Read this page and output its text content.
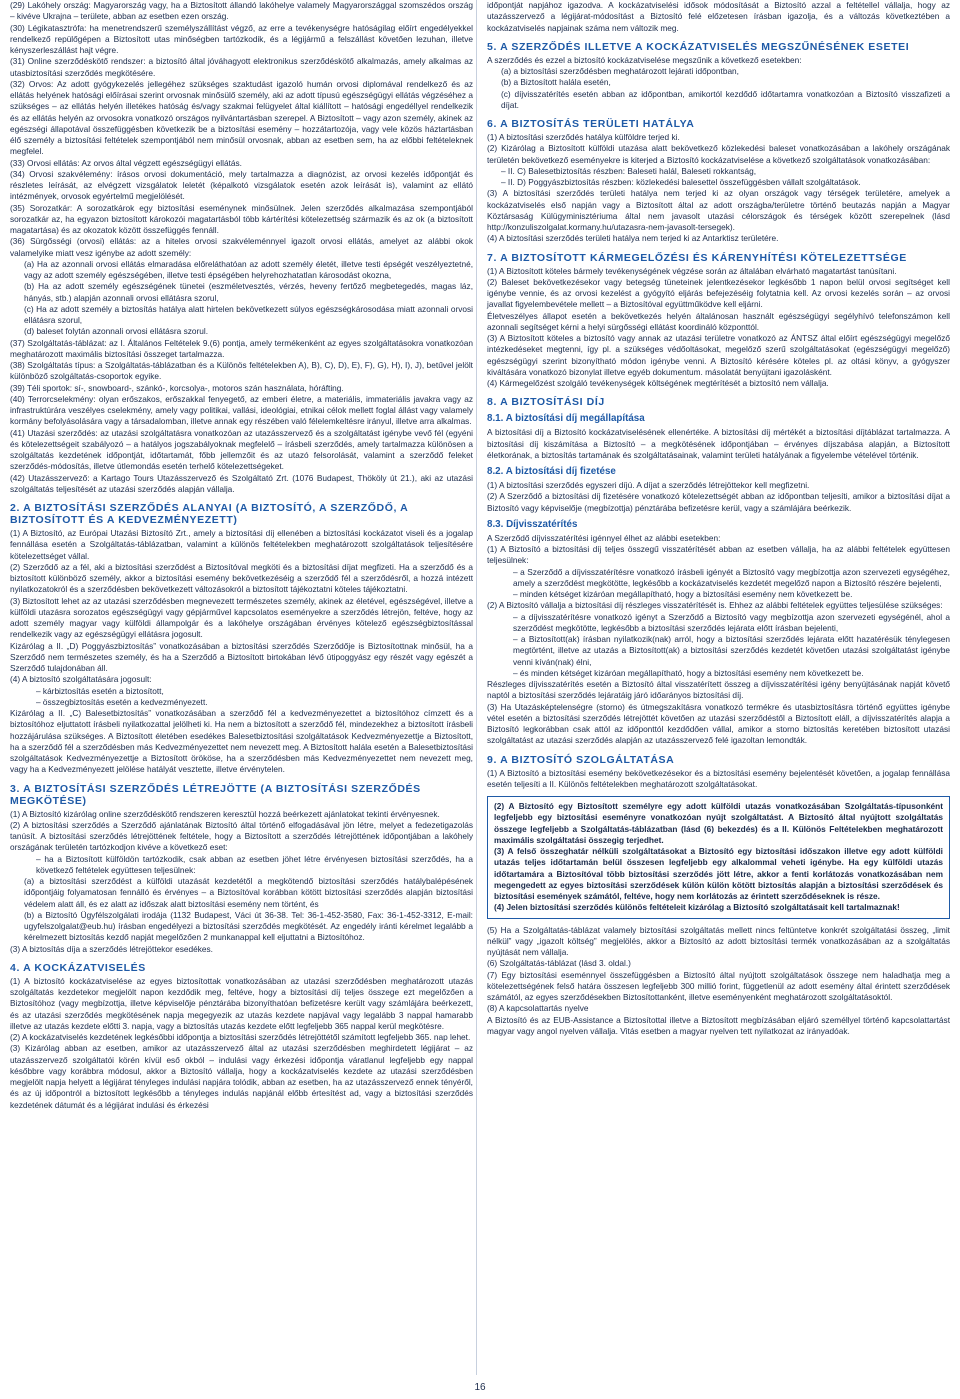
(29) Lakóhely ország: Magyarország vagy, ha a Biztosított állandó lakóhelye valamely Magyarországgal szomszédos ország – kivéve Ukrajna – területe, abban az esetben ezen ország.

(30) Légikatasztrófa: ha menetrendszerű személyszállítást végző, az erre a tevékenységre hatóságilag előírt engedélyekkel rendelkező repülőgépen a Biztosított utas minőségben tartózkodik, és a légijármű a felszállást követően lezuhan, illetve kényszerleszállást hajt végre.

(31) Online szerződéskötő rendszer: a biztosító által jóváhagyott elektronikus szerződéskötő alkalmazás, amely alkalmas az utasbiztosítási szerződés megkötésére.

(32) Orvos: Az adott gyógykezelés jellegéhez szükséges szaktudást igazoló humán orvosi diplomával rendelkező és az ellátás helyének hatósági előírásai szerint orvosnak minősülő személy, aki az adott típusú egészségügyi ellátás végzéséhez a szükséges – az ellátás helyén illetékes hatóság és/vagy szakmai felügyelet által kiállított – hatósági engedéllyel rendelkezik és az ellátás helyén az orvosokra vonatkozó országos nyilvántartásban szerepel. A Biztosított – vagy azon személy, akinek az egészségi állapotával összefüggésben következik be a biztosítási esemény – hozzátartozója, vagy vele közös háztartásban élő személy a biztosítási feltételek szempontjából nem minősül orvosnak, abban az esetben sem, ha az előbbi feltételeknek megfelel.

(33) Orvosi ellátás: Az orvos által végzett egészségügyi ellátás.

(34) Orvosi szakvélemény: írásos orvosi dokumentáció, mely tartalmazza a diagnózist, az orvosi kezelés időpontját és részletes leírását, az elvégzett vizsgálatok leletét (képalkotó vizsgálatok esetén azok leírását is), valamint az ellátó intézmények, orvosok egyértelmű megjelölését.

(35) Sorozatkár: A sorozatkárok egy biztosítási eseménynek minősülnek. Jelen szerződés alkalmazása szempontjából sorozatkár az, ha egyazon biztosított károkozói magatartásból több kártérítési kötelezettség származik és az ok (a biztosított magatartása) és az okozatok között összefüggés fennáll.

(36) Sürgősségi (orvosi) ellátás: az a hiteles orvosi szakvéleménnyel igazolt orvosi ellátás, amelyet az alábbi okok valamelyike miatt vesz igénybe az adott személy:

(a) Ha az azonnali orvosi ellátás elmaradása előreláthatóan az adott személy életét, illetve testi épségét veszélyeztetné, vagy az adott személy egészségében, illetve testi épségében helyrehozhatatlan károsodást okozna,

(b) Ha az adott személy egészségének tünetei (eszméletvesztés, vérzés, heveny fertőző megbetegedés, magas láz, hányás, stb.) alapján azonnali orvosi ellátásra szorul,

(c) Ha az adott személy a biztosítás hatálya alatt hirtelen bekövetkezett súlyos egészségkárosodása miatt azonnali orvosi ellátásra szorul,

(d) baleset folytán azonnali orvosi ellátásra szorul.

(37) Szolgáltatás-táblázat: az I. Általános Feltételek 9.(6) pontja, amely termékenként az egyes szolgáltatásokra vonatkozóan meghatározott maximális biztosítási összeget tartalmazza.

(38) Szolgáltatás típus: a Szolgáltatás-táblázatban és a Különös feltételekben A), B), C), D), E), F), G), H), I), J), betűvel jelölt különböző szolgáltatás-csoportok egyike.

(39) Téli sportok: sí-, snowboard-, szánkó-, korcsolya-, motoros szán használata, hóráfting.

(40) Terrorcselekmény: olyan erőszakos, erőszakkal fenyegető, az emberi életre, a materiális, immateriális javakra vagy az infrastruktúrára veszélyes cselekmény, amely vagy politikai, vallási, ideológiai, etnikai célok mellett foglal állást vagy valamely kormány befolyásolására vagy a társadalomban, illetve annak egy részében való félelemkeltésre irányul, illetve arra alkalmas.

(41) Utazási szerződés: az utazási szolgáltatásra vonatkozóan az utazásszervező és a szolgáltatást igénybe vevő fél (egyéni és kötelezettségeit szabályozó – a hatályos jogszabályoknak megfelelő – írásbeli szerződés, amely tartalmazza különösen a szolgáltatás kezdetének időpontját, időtartamát, főbb jellemzőit és az utazó felsorolását, valamint a szerződő feleket szerződés-módosítás, illetve útlemondás esetén terhelő kötelezettségeket.

(42) Utazásszervező: a Kartago Tours Utazásszervező és Szolgáltató Zrt. (1076 Budapest, Thököly út 21.), aki az utazási szolgáltatás teljesítését az utazási szerződés alapján vállalja.

2. A BIZTOSÍTÁSI SZERZŐDÉS ALANYAI (A BIZTOSÍTÓ, A SZERZŐDŐ, A BIZTOSÍTOTT ÉS A KEDVEZMÉNYEZETT)

(1) A Biztosító, az Európai Utazási Biztosító Zrt., amely a biztosítási díj ellenében a biztosítási kockázatot viseli és a jogalap fennállása esetén a Szolgáltatás-táblázatban, valamint a különös feltételekben meghatározott szolgáltatások teljesítésére kötelezettséget vállal.

(2) Szerződő az a fél, aki a biztosítási szerződést a Biztosítóval megköti és a biztosítási díjat megfizeti. Ha a szerződő és a biztosított különböző személy, akkor a biztosítási esemény bekövetkezéséig a szerződő fél a szerződésről, a hozzá intézett nyilatkozatokról és a szerződésben bekövetkezett változásokról a biztosított tájékoztatni köteles tájékoztatni.

(3) Biztosított lehet az az utazási szerződésben megnevezett természetes személy, akinek az életével, egészségével, illetve a külföldi utazásra sorozatos egészségügyi vagy gépjárművel kapcsolatos eseményekre a szerződés létrejön, feltéve, hogy az adott személy magyar vagy külföldi állampolgár és a lakóhelye országában érvényes kötelező egészségbiztosítással rendelkezik vagy az egészségügyi ellátásra jogosult.

Kizárólag a II. „D) Poggyászbiztosítás” vonatkozásában a biztosítási szerződés Szerződője is Biztosítottnak minősül, ha a Szerződő nem természetes személy, és ha a Szerződő a Biztosított birtokában lévő útipoggyász egy részét vagy egészét a Szerződő tulajdonában áll.

(4) A biztosító szolgáltatására jogosult:

– kárbiztosítás esetén a biztosított,

– összegbiztosítás esetén a kedvezményezett.

Kizárólag a II. „C) Balesetbiztosítás” vonatkozásában a szerződő fél a kedvezményezettet a biztosítóhoz címzett és a biztosítóhoz eljuttatott írásbeli nyilatkozattal jelölheti ki. Ha nem a biztosított a szerződő fél, mindezekhez a biztosított írásbeli hozzájárulása szükséges. A Biztosított életében esedékes Balesetbiztosítási szolgáltatások Kedvezményezettje a Biztosított, ha a szerződő fél a szerződésben más Kedvezményezettet nem nevezett meg. A Biztosított halála esetén a Balesetbiztosítási szolgáltatások Kedvezményezettje a Biztosított örököse, ha a szerződésben más Kedvezményezettet nem nevezett meg, vagy ha a Kedvezményezett jelölése hatályát vesztette, illetve érvénytelen.

3. A BIZTOSÍTÁSI SZERZŐDÉS LÉTREJÖTTE (A BIZTOSÍTÁSI SZERZŐDÉS MEGKÖTÉSE)

(1) A Biztosító kizárólag online szerződéskötő rendszeren keresztül hozzá beérkezett ajánlatokat tekinti érvényesnek.

(2) A biztosítási szerződés a Szerződő ajánlatának Biztosító által történő elfogadásával jön létre, melyet a fedezetigazolás tanúsít. A biztosítási szerződés létrejöttének feltétele, hogy a Biztosított a szerződés létrejöttének időpontjában a lakóhely országának területén tartózkodjon kivéve a következő eset:

– ha a Biztosított külföldön tartózkodik, csak abban az esetben jöhet létre érvényesen biztosítási szerződés, ha a következő feltételek együttesen teljesülnek:

(a) a biztosítási szerződést a külföldi utazását kezdetétől a megkötendő biztosítási szerződés hatálybalépésének időpontjáig folyamatosan fennálló és érvényes – a Biztosítóval korábban kötött biztosítási szerződés alapján biztosítási védelem alatt áll, és ez alatt az időszak alatt biztosítási esemény nem történt, és

(b) a Biztosító Ügyfélszolgálati irodája (1132 Budapest, Váci út 36-38. Tel: 36-1-452-3580, Fax: 36-1-452-3312, E-mail: ugyfelszolgalat@eub.hu) írásban engedélyezi a biztosítási szerződés megkötését. Az engedély iránti kérelmet legalább a kérelmezett biztosítás kezdő napját megelőzően 2 munkanappal kell eljuttatni a Biztosítóhoz.

(3) A biztosítás díja a szerződés létrejöttekor esedékes.

4. A KOCKÁZATVISELÉS

(1) A biztosító kockázatviselése az egyes biztosítottak vonatkozásában az utazási szerződésben meghatározott utazás szolgáltatás kezdetekor megjelölt napon kezdődik meg, feltéve, hogy a biztosítási díj teljes összege ezt megelőzően a Biztosítóhoz (vagy megbízottja, illetve képviselője pénztárába bizonyíthatóan befizetésre került vagy számlájára beérkezett, és az utazási szerződés megkötésének napja megegyezik az utazás kezdete napjával vagy legalább 3 nappal hamarabb illetve az utazás kezdete előtti 3. napja, vagy a biztosítás utazás kezdete előtt legfeljebb 365 nappal kerül megkötésre.

(2) A kockázatviselés kezdetének legkésőbbi időpontja a biztosítási szerződés létrejöttétől számított legfeljebb 365. nap lehet.

(3) Kizárólag abban az esetben, amikor az utazásszervező által az utazási szerződésben meghirdetett légijárat – az utazásszervező szolgáltatói körén kívül eső okból – indulási vagy érkezési időpontja váratlanul legfeljebb egy nappal későbbre vagy korábbra módosul, akkor a Biztosító vállalja, hogy a kockázatviselés kezdete az utazási szerződésben megjelölt napja helyett a légijárat tényleges indulási napjára tolódik, abban az esetben, ha az utazásszervező ennek tényéről, és az új időpontról a biztosított legkésőbb a tényleges indulás napjánál előbb értesítést ad, vagy a biztosítási szerződés kezdetének dátumát és a légijárat indulási és érkezési

időpontját napjához igazodva. A kockázatviselési idősok módosítását a Biztosító azzal a feltétellel vállalja, hogy az utazásszervező a légijárat-módosítást a Biztosító felé előzetesen írásban igazolja, és a változás következtében a kockázatviselés napjainak száma nem változik meg.

5. A SZERZŐDÉS ILLETVE A KOCKÁZATVISELÉS MEGSZŰNÉSÉNEK ESETEI

A szerződés és ezzel a biztosító kockázatviselése megszűnik a következő esetekben:

(a) a biztosítási szerződésben meghatározott lejárati időpontban,

(b) a Biztosított halála esetén,

(c) díjvisszatérítés esetén abban az időpontban, amikortól kezdődő időtartamra vonatkozóan a Biztosító visszafizeti a díjat.

6. A BIZTOSÍTÁS TERÜLETI HATÁLYA

(1) A biztosítási szerződés hatálya külföldre terjed ki.

(2) Kizárólag a Biztosított külföldi utazása alatt bekövetkező közlekedési baleset vonatkozásában a lakóhely országának területén bekövetkező eseményekre is kiterjed a Biztosító kockázatviselése a következő szolgáltatások vonatkozásában:

– II. C) Balesetbiztosítás részben: Baleseti halál, Baleseti rokkantság,

– II. D) Poggyászbiztosítás részben: közlekedési balesettel összefüggésben vállalt szolgáltatások.

(3) A biztosítási szerződés területi hatálya nem terjed ki az olyan országok vagy térségek területére, amelyek a kockázatviselés első napján vagy a Biztosított által az adott országba/területre történő beutazás napján a Magyar Köztársaság Külügyminisztériuma által nem javasolt utazási célországok és térségek között szerepelnek (lásd http://konzuliszolgalat.kormany.hu/utazasra-nem-javasolt-tersegek).

(4) A biztosítási szerződés területi hatálya nem terjed ki az Antarktisz területére.

7. A BIZTOSÍTOTT KÁRMEGELŐZÉSI ÉS KÁRENYHÍTÉSI KÖTELEZETTSÉGE

(1) A Biztosított köteles bármely tevékenységének végzése során az általában elvárható magatartást tanúsítani.

(2) Baleset bekövetkezésekor vagy betegség tüneteinek jelentkezésekor legkésőbb 1 napon belül orvosi segítséget kell igénybe vennie, és az orvosi kezelést a gyógyító eljárás befejezéséig folytatnia kell. Az orvosi kezelés során – az orvosi javallat figyelembevétele mellett – a Biztosítóval együttműködve kell eljárni.

Életveszélyes állapot esetén a bekövetkezés helyén általánosan használt egészségügyi segélyhívó telefonszámon kell azonnali segítséget kérni a helyi sürgősségi ellátást koordináló központtól.

(3) A Biztosított köteles a biztosító vagy annak az utazási területre vonatkozó az ÁNTSZ által előírt egészségügyi megelőző intézkedéseket megtenni, így pl. a szükséges védőoltásokat, megelőző szerű szolgáltatásokat (egészségügyi megelőző) egészségügyi szerint bizonyítható módon igénybe venni. A Biztosító kérésére köteles pl. az oltási könyv, a gyógyszer kiváltására vonatkozó bizonylat illetve egyéb dokumentum. másolatát benyújtani igazolásként.

(4) Kármegelőzést szolgáló tevékenységek költségének megtérítését a biztosító nem vállalja.

8. A BIZTOSÍTÁSI DÍJ
8.1. A biztosítási díj megállapítása

A biztosítási díj a Biztosító kockázatviselésének ellenértéke. A biztosítási díj mértékét a biztosítási díjtáblázat tartalmazza. A biztosítási díj kiszámítása a Biztosító – a megkötésének időpontjában – érvényes díjszabása alapján, a Biztosított életkorának, a biztosítás tartamának és szolgáltatásainak, valamint területi hatályának a figyelembe vételével történik.

8.2. A biztosítási díj fizetése

(1) A biztosítási szerződés egyszeri díjú. A díjat a szerződés létrejöttekor kell megfizetni.

(2) A Szerződő a biztosítási díj fizetésére vonatkozó kötelezettségét abban az időpontban teljesíti, amikor a biztosítási díjat a Biztosító vagy képviselője (megbízottja) pénztárába befizetésre kerül, vagy a számlájára beérkezik.

8.3. Díjvisszatérítés

A Szerződő díjvisszatérítési igénnyel élhet az alábbi esetekben:

(1) A Biztosító a biztosítási díj teljes összegű visszatérítését abban az esetben vállalja, ha az alábbi feltételek együttesen teljesülnek:

– a Szerződő a díjvisszatérítésre vonatkozó írásbeli igényét a Biztosító vagy megbízottja azon szervezeti egységéhez, amely a szerződést megkötötte, legkésőbb a kockázatviselés kezdetét megelőző napon a Biztosító részére bejelenti,

– minden kétséget kizáróan megállapítható, hogy a biztosítási esemény nem következett be.

(2) A Biztosító vállalja a biztosítási díj részleges visszatérítését is. Ehhez az alábbi feltételek együttes teljesülése szükséges:

– a díjvisszatérítésre vonatkozó igényt a Szerződő a Biztosító vagy megbízottja azon szervezeti egységénél, ahol a szerződést megkötötte, legkésőbb a biztosítási szerződés lejárata előtt írásban bejelenti,

– a Biztosított(ak) írásban nyilatkozik(nak) arról, hogy a biztosítási szerződés lejárata előtt hazatérésük ténylegesen megtörtént, illetve az utazás a Biztosított(ak) a biztosítási szerződés kezdetét követően utazási szolgáltatást igénybe venni kíván(nak) élni,

– és minden kétséget kizáróan megállapítható, hogy a biztosítási esemény nem következett be.

Részleges díjvisszatérítés esetén a Biztosító által visszatérített összeg a díjvisszatérítési igény benyújtásának napját követő naptól a biztosítási szerződés lejáratáig járó időarányos biztosítási díj.

(3) Ha Utazásképtelenségre (storno) és útmegszakításra vonatkozó termékre és utasbiztosításra történő együttes igénybe vétel esetén a biztosítási szerződés létrejöttét követően az utazási szerződéstől a Biztosított eláll, a díjvisszatérítés alapja a Biztosító legkorábban csak attól az időponttól kezdődően vállal, amikor a storno biztosítás keretében biztosított utazási szolgáltatást az utazási szerződés alapján az utazásszervező felé igazoltan lemondták.

9. A BIZTOSÍTÓ SZOLGÁLTATÁSA

(1) A Biztosító a biztosítási esemény bekövetkezésekor és a biztosítási esemény bejelentését követően, a jogalap fennállása esetén teljesíti a II. Különös feltételekben meghatározott szolgáltatásokat.

(2) A Biztosító egy Biztosított személyre egy adott külföldi utazás vonatkozásában Szolgáltatás-típusonként legfeljebb egy biztosítási eseményre vonatkozóan nyújt szolgáltatást. A Biztosító által nyújtott szolgáltatás összege legfeljebb a Szolgáltatás-táblázatban (lásd (6) bekezdés) és a II. Különös Feltételekben meghatározott maximális szolgáltatási összegig terjedhet.

(3) A felső összeghatár nélküli szolgáltatásokat a Biztosító egy biztosítási időszakon illetve egy adott külföldi utazás teljes időtartamán belül összesen legfeljebb egy alkalommal veheti igénybe. Ha egy külföldi utazás időtartamára a Biztosítóval több biztosítási szerződés jött létre, akkor a fenti korlátozás vonatkozásában nem megengedett az egyes biztosítási szerződések külön külön kötött biztosítás alapján a biztosítási szerződések és biztosítási események számától, feltéve, hogy nem korlátozás az érintett szerződéseknek is része.

(4) Jelen biztosítási szerződés különös feltételeit kizárólag a Biztosító szolgáltatásait kell tartalmaznak!

(5) Ha a Szolgáltatás-táblázat valamely biztosítási szolgáltatás mellett nincs feltüntetve konkrét szolgáltatási összeg, „limit nélkül” vagy „igazolt költség” megjelölés, akkor a Biztosító az adott biztosítási termék vonatkozásában az a szolgáltatás nyújtását nem vállalja.

(6) Szolgáltatás-táblázat (lásd 3. oldal.)

(7) Egy biztosítási eseménnyel összefüggésben a Biztosító által nyújtott szolgáltatások összege nem haladhatja meg a kötelezettségének felső határa összesen legfeljebb 300 millió forint, függetlenül az adott esemény által érintett szerződések számától, az egyes szerződésekben Biztosítottanként, illetve eseményenként meghatározott szolgáltatásoktól.

(8) A kapcsolattartás nyelve

A Biztosító és az EUB-Assistance a Biztosítottal illetve a Biztosított megbízásában eljáró személlyel történő kapcsolattartást magyar vagy angol nyelven vállalja. Vitás esetben a magyar nyelven tett nyilatkozat az irányadóak.

16
